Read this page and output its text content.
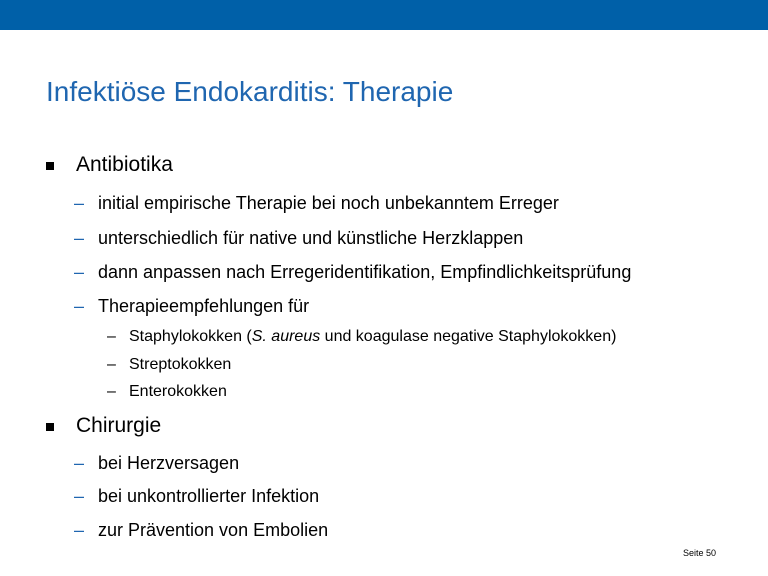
Infektiöse Endokarditis: Therapie
Antibiotika
– initial empirische Therapie bei noch unbekanntem Erreger
– unterschiedlich für native und künstliche Herzklappen
– dann anpassen nach Erregeridentifikation, Empfindlichkeitsprüfung
– Therapieempfehlungen für
– Staphylokokken (S. aureus und koagulase negative Staphylokokken)
– Streptokokken
– Enterokokken
Chirurgie
– bei Herzversagen
– bei unkontrollierter Infektion
– zur Prävention von Embolien
Seite 50
